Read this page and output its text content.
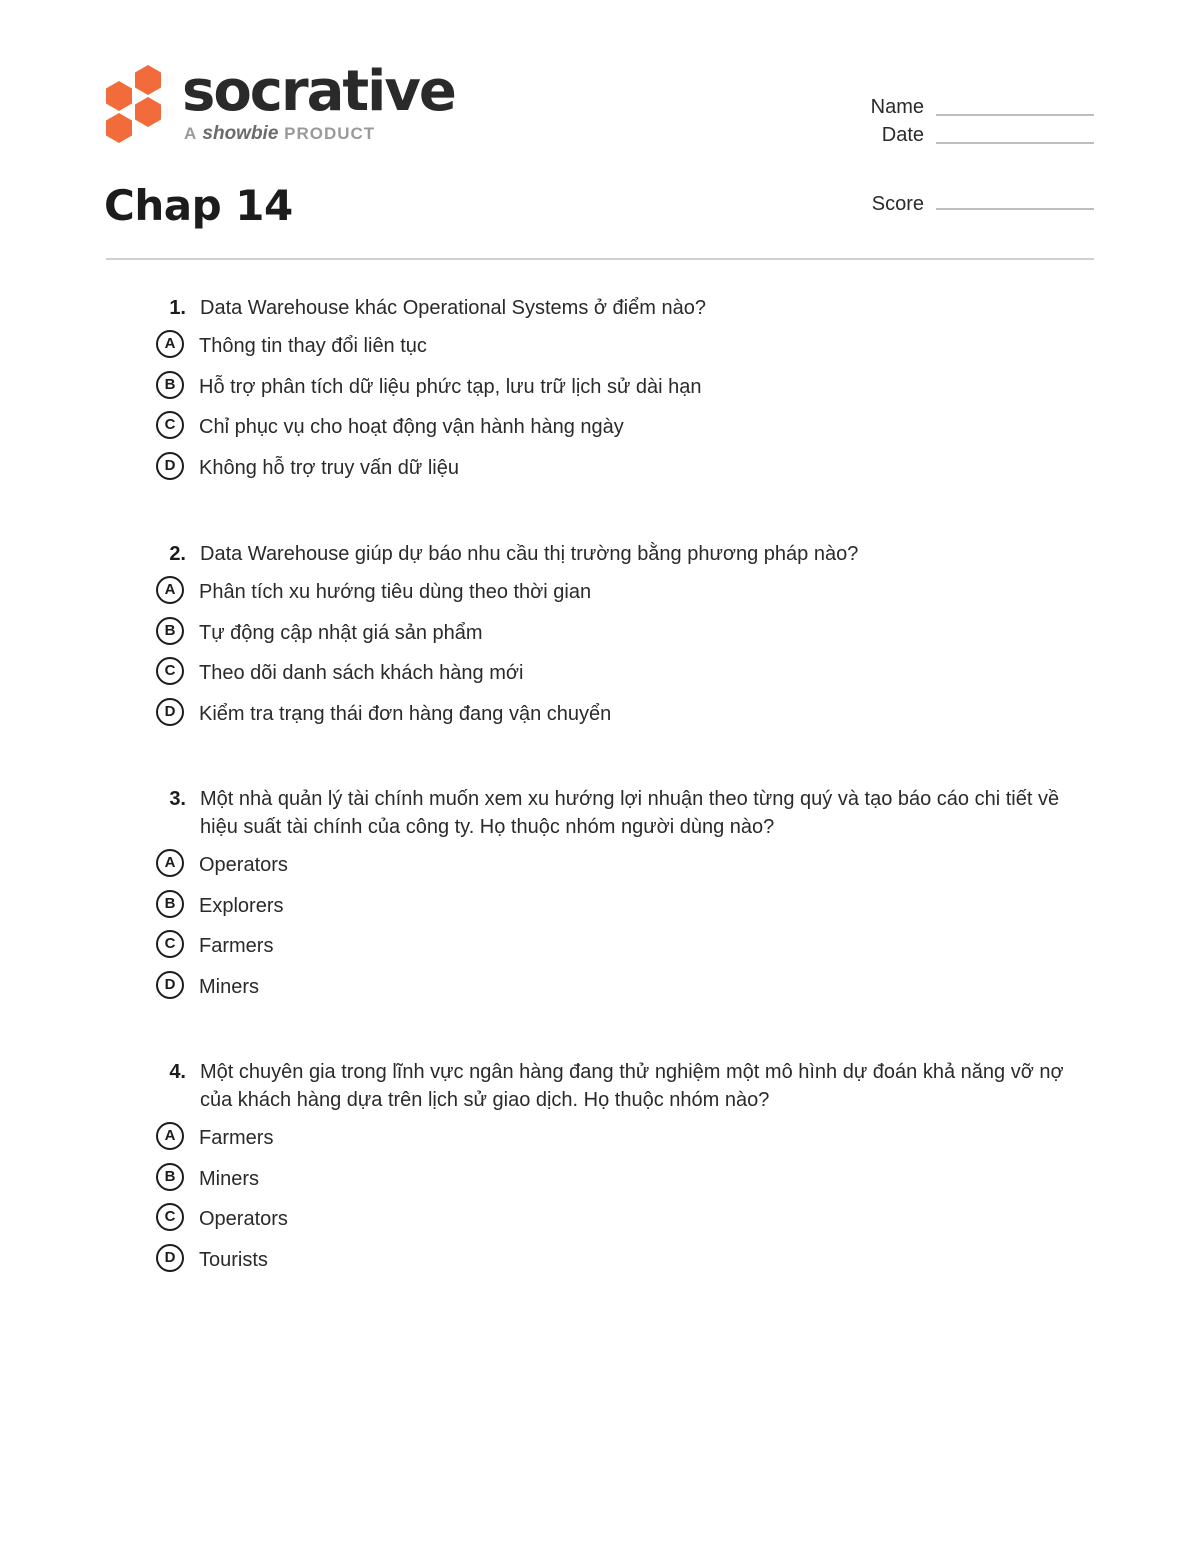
socrative
A showbie PRODUCT
Name
Date
Score
Chap 14
1. Data Warehouse khác Operational Systems ở điểm nào?
A	Thông tin thay đổi liên tục
B	Hỗ trợ phân tích dữ liệu phức tạp, lưu trữ lịch sử dài hạn
C	Chỉ phục vụ cho hoạt động vận hành hàng ngày
D	Không hỗ trợ truy vấn dữ liệu
2. Data Warehouse giúp dự báo nhu cầu thị trường bằng phương pháp nào?
A	Phân tích xu hướng tiêu dùng theo thời gian
B	Tự động cập nhật giá sản phẩm
C	Theo dõi danh sách khách hàng mới
D	Kiểm tra trạng thái đơn hàng đang vận chuyển
3. Một nhà quản lý tài chính muốn xem xu hướng lợi nhuận theo từng quý và tạo báo cáo chi tiết về hiệu suất tài chính của công ty. Họ thuộc nhóm người dùng nào?
A	Operators
B	Explorers
C	Farmers
D	Miners
4. Một chuyên gia trong lĩnh vực ngân hàng đang thử nghiệm một mô hình dự đoán khả năng vỡ nợ của khách hàng dựa trên lịch sử giao dịch. Họ thuộc nhóm nào?
A	Farmers
B	Miners
C	Operators
D	Tourists
